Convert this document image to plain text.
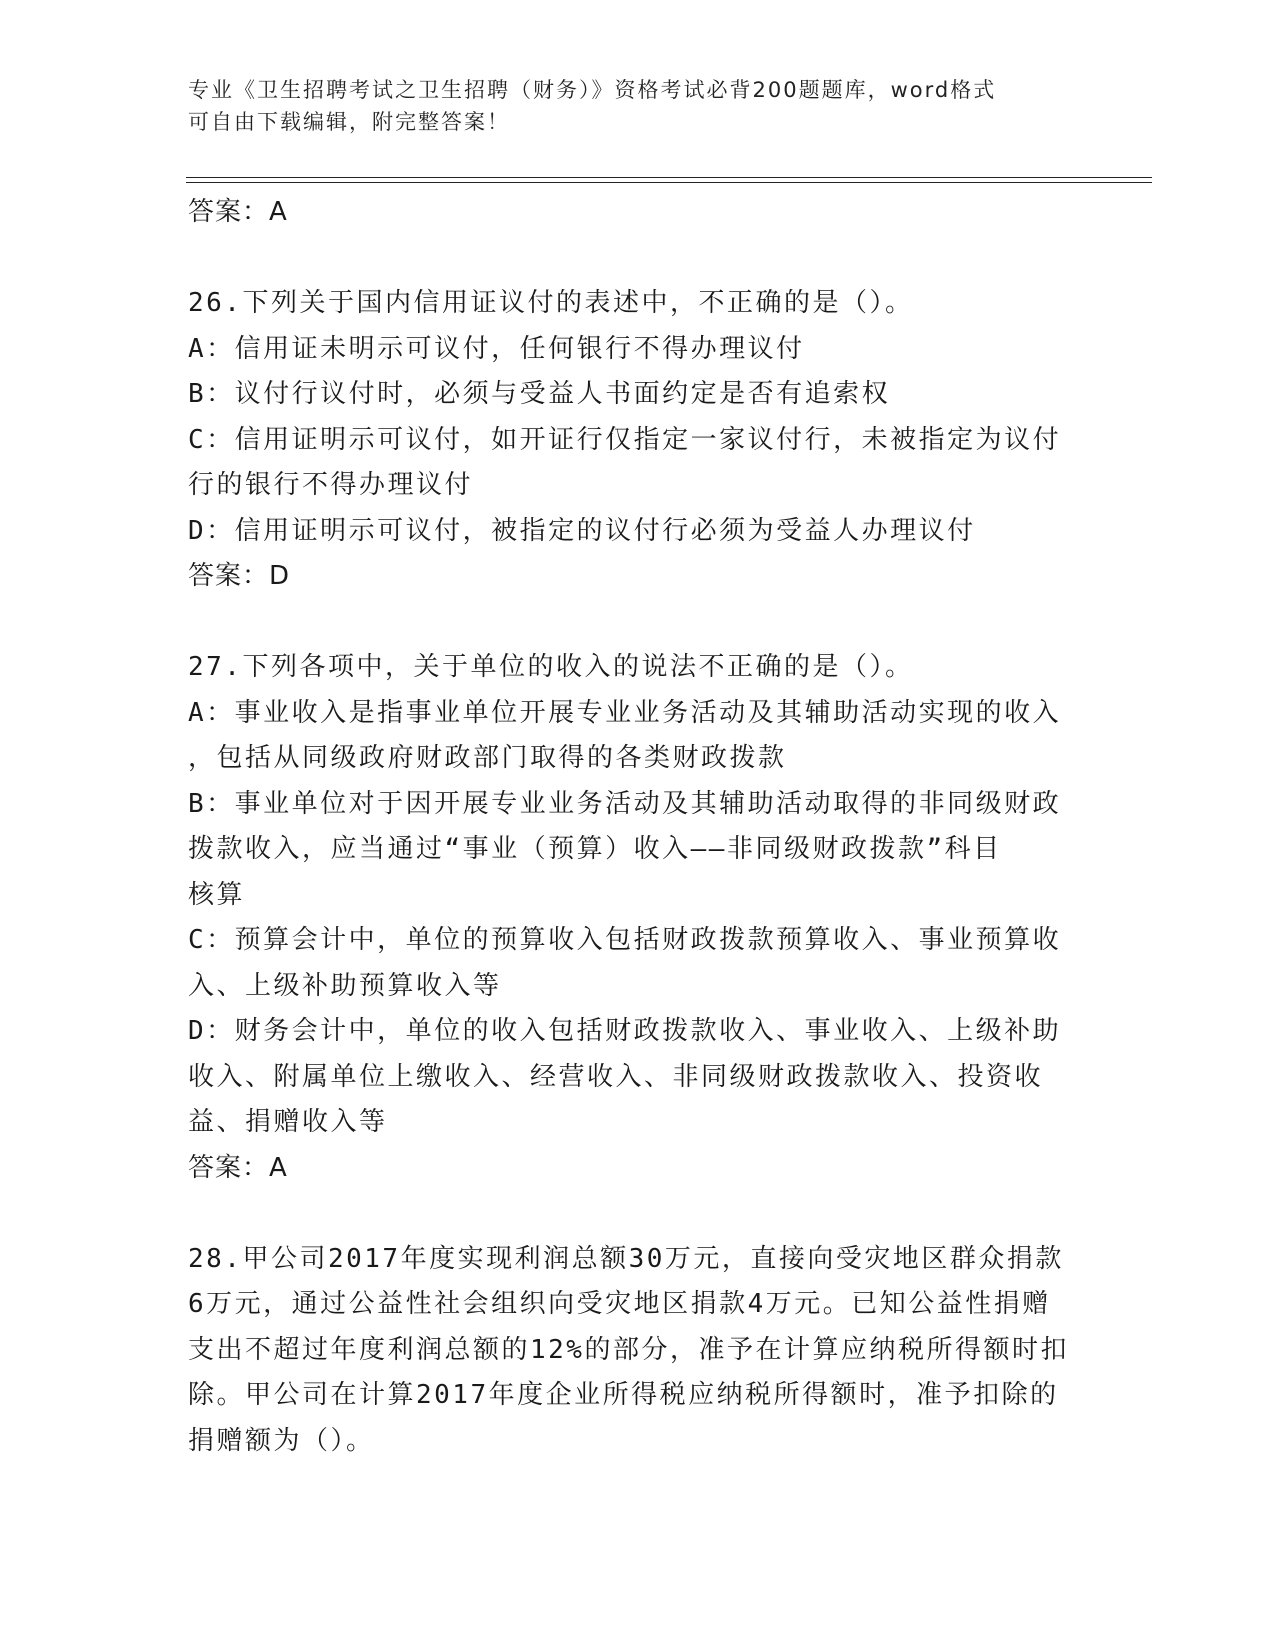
专业《卫生招聘考试之卫生招聘（财务）》资格考试必背200题题库，word格式
可自由下载编辑，附完整答案！
答案：A
26.下列关于国内信用证议付的表述中，不正确的是（）。
A：信用证未明示可议付，任何银行不得办理议付
B：议付行议付时，必须与受益人书面约定是否有追索权
C：信用证明示可议付，如开证行仅指定一家议付行，未被指定为议付
行的银行不得办理议付
D：信用证明示可议付，被指定的议付行必须为受益人办理议付
答案：D
27.下列各项中，关于单位的收入的说法不正确的是（）。
A：事业收入是指事业单位开展专业业务活动及其辅助活动实现的收入
，包括从同级政府财政部门取得的各类财政拨款
B：事业单位对于因开展专业业务活动及其辅助活动取得的非同级财政
拨款收入，应当通过“事业（预算）收入——非同级财政拨款”科目
核算
C：预算会计中，单位的预算收入包括财政拨款预算收入、事业预算收
入、上级补助预算收入等
D：财务会计中，单位的收入包括财政拨款收入、事业收入、上级补助
收入、附属单位上缴收入、经营收入、非同级财政拨款收入、投资收
益、捐赠收入等
答案：A
28.甲公司2017年度实现利润总额30万元，直接向受灾地区群众捐款
6万元，通过公益性社会组织向受灾地区捐款4万元。已知公益性捐赠
支出不超过年度利润总额的12%的部分，准予在计算应纳税所得额时扣
除。甲公司在计算2017年度企业所得税应纳税所得额时，准予扣除的
捐赠额为（）。
